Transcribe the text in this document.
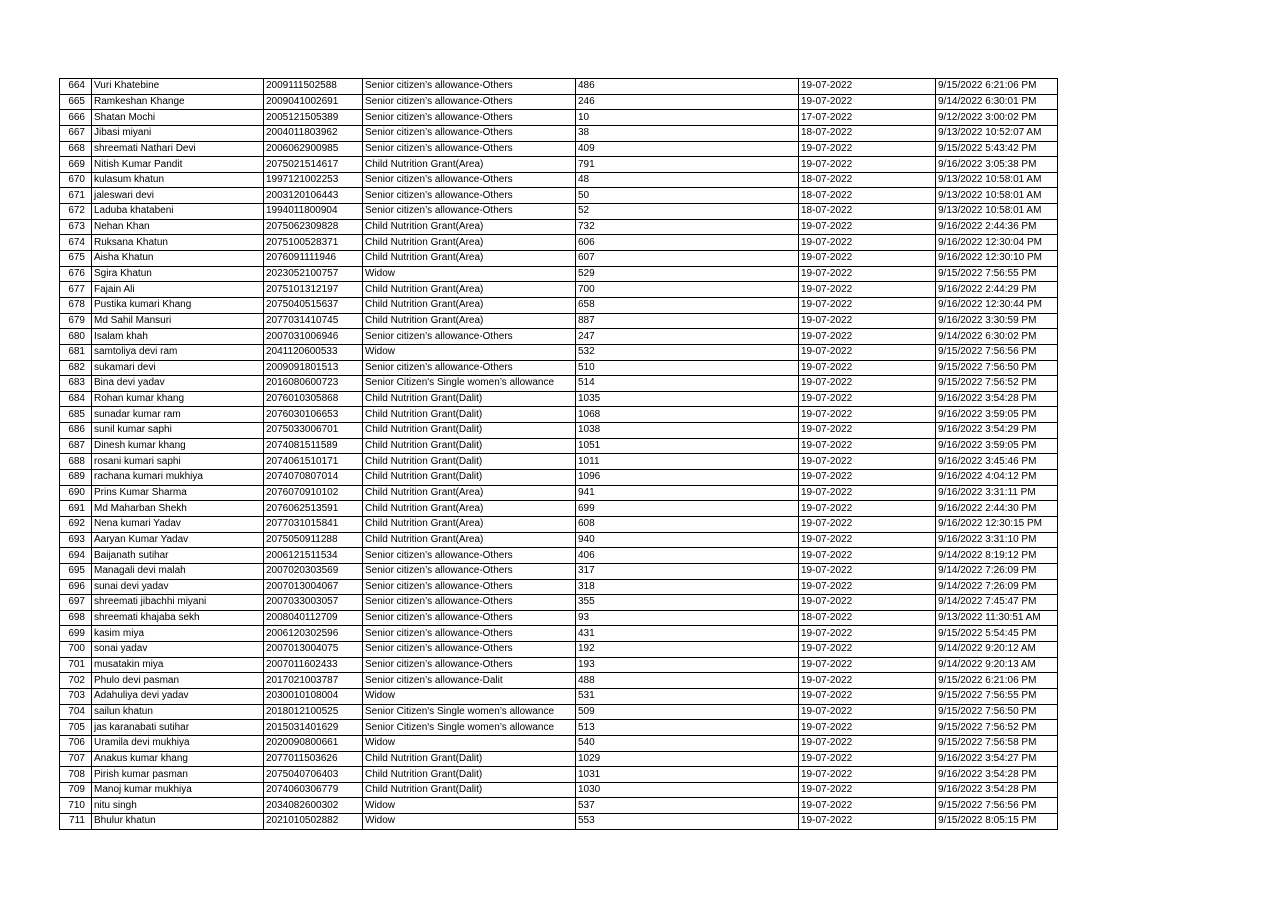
664	Vuri Khatebine	2009111502588	Senior citizen’s allowance-Others	486	19-07-2022	9/15/2022 6:21:06 PM
665	Ramkeshan Khange	2009041002691	Senior citizen’s allowance-Others	246	19-07-2022	9/14/2022 6:30:01 PM
666	Shatan Mochi	2005121505389	Senior citizen’s allowance-Others	10	17-07-2022	9/12/2022 3:00:02 PM
667	Jibasi miyani	2004011803962	Senior citizen’s allowance-Others	38	18-07-2022	9/13/2022 10:52:07 AM
668	shreemati Nathari Devi	2006062900985	Senior citizen’s allowance-Others	409	19-07-2022	9/15/2022 5:43:42 PM
669	Nitish Kumar Pandit	2075021514617	Child Nutrition Grant(Area)	791	19-07-2022	9/16/2022 3:05:38 PM
670	kulasum khatun	1997121002253	Senior citizen’s allowance-Others	48	18-07-2022	9/13/2022 10:58:01 AM
671	jaleswari devi	2003120106443	Senior citizen’s allowance-Others	50	18-07-2022	9/13/2022 10:58:01 AM
672	Laduba khatabeni	1994011800904	Senior citizen’s allowance-Others	52	18-07-2022	9/13/2022 10:58:01 AM
673	Nehan Khan	2075062309828	Child Nutrition Grant(Area)	732	19-07-2022	9/16/2022 2:44:36 PM
674	Ruksana Khatun	2075100528371	Child Nutrition Grant(Area)	606	19-07-2022	9/16/2022 12:30:04 PM
675	Aisha Khatun	2076091111946	Child Nutrition Grant(Area)	607	19-07-2022	9/16/2022 12:30:10 PM
676	Sgira Khatun	2023052100757	Widow	529	19-07-2022	9/15/2022 7:56:55 PM
677	Fajain Ali	2075101312197	Child Nutrition Grant(Area)	700	19-07-2022	9/16/2022 2:44:29 PM
678	Pustika kumari Khang	2075040515637	Child Nutrition Grant(Area)	658	19-07-2022	9/16/2022 12:30:44 PM
679	Md Sahil Mansuri	2077031410745	Child Nutrition Grant(Area)	887	19-07-2022	9/16/2022 3:30:59 PM
680	Isalam khah	2007031006946	Senior citizen’s allowance-Others	247	19-07-2022	9/14/2022 6:30:02 PM
681	samtoliya devi ram	2041120600533	Widow	532	19-07-2022	9/15/2022 7:56:56 PM
682	sukamari devi	2009091801513	Senior citizen’s allowance-Others	510	19-07-2022	9/15/2022 7:56:50 PM
683	Bina devi yadav	2016080600723	Senior Citizen's Single women’s allowance	514	19-07-2022	9/15/2022 7:56:52 PM
684	Rohan kumar khang	2076010305868	Child Nutrition Grant(Dalit)	1035	19-07-2022	9/16/2022 3:54:28 PM
685	sunadar kumar ram	2076030106653	Child Nutrition Grant(Dalit)	1068	19-07-2022	9/16/2022 3:59:05 PM
686	sunil kumar saphi	2075033006701	Child Nutrition Grant(Dalit)	1038	19-07-2022	9/16/2022 3:54:29 PM
687	Dinesh kumar khang	2074081511589	Child Nutrition Grant(Dalit)	1051	19-07-2022	9/16/2022 3:59:05 PM
688	rosani kumari saphi	2074061510171	Child Nutrition Grant(Dalit)	1011	19-07-2022	9/16/2022 3:45:46 PM
689	rachana kumari mukhiya	2074070807014	Child Nutrition Grant(Dalit)	1096	19-07-2022	9/16/2022 4:04:12 PM
690	Prins Kumar Sharma	2076070910102	Child Nutrition Grant(Area)	941	19-07-2022	9/16/2022 3:31:11 PM
691	Md Maharban Shekh	2076062513591	Child Nutrition Grant(Area)	699	19-07-2022	9/16/2022 2:44:30 PM
692	Nena kumari Yadav	2077031015841	Child Nutrition Grant(Area)	608	19-07-2022	9/16/2022 12:30:15 PM
693	Aaryan Kumar Yadav	2075050911288	Child Nutrition Grant(Area)	940	19-07-2022	9/16/2022 3:31:10 PM
694	Baijanath sutihar	2006121511534	Senior citizen’s allowance-Others	406	19-07-2022	9/14/2022 8:19:12 PM
695	Managali devi malah	2007020303569	Senior citizen’s allowance-Others	317	19-07-2022	9/14/2022 7:26:09 PM
696	sunai devi yadav	2007013004067	Senior citizen’s allowance-Others	318	19-07-2022	9/14/2022 7:26:09 PM
697	shreemati jibachhi miyani	2007033003057	Senior citizen’s allowance-Others	355	19-07-2022	9/14/2022 7:45:47 PM
698	shreemati khajaba sekh	2008040112709	Senior citizen’s allowance-Others	93	18-07-2022	9/13/2022 11:30:51 AM
699	kasim miya	2006120302596	Senior citizen’s allowance-Others	431	19-07-2022	9/15/2022 5:54:45 PM
700	sonai yadav	2007013004075	Senior citizen’s allowance-Others	192	19-07-2022	9/14/2022 9:20:12 AM
701	musatakin miya	2007011602433	Senior citizen’s allowance-Others	193	19-07-2022	9/14/2022 9:20:13 AM
702	Phulo devi pasman	2017021003787	Senior citizen’s allowance-Dalit	488	19-07-2022	9/15/2022 6:21:06 PM
703	Adahuliya devi yadav	2030010108004	Widow	531	19-07-2022	9/15/2022 7:56:55 PM
704	sailun khatun	2018012100525	Senior Citizen's Single women’s allowance	509	19-07-2022	9/15/2022 7:56:50 PM
705	jas karanabati sutihar	2015031401629	Senior Citizen's Single women’s allowance	513	19-07-2022	9/15/2022 7:56:52 PM
706	Uramila devi mukhiya	2020090800661	Widow	540	19-07-2022	9/15/2022 7:56:58 PM
707	Anakus kumar khang	2077011503626	Child Nutrition Grant(Dalit)	1029	19-07-2022	9/16/2022 3:54:27 PM
708	Pirish kumar pasman	2075040706403	Child Nutrition Grant(Dalit)	1031	19-07-2022	9/16/2022 3:54:28 PM
709	Manoj kumar mukhiya	2074060306779	Child Nutrition Grant(Dalit)	1030	19-07-2022	9/16/2022 3:54:28 PM
710	nitu singh	2034082600302	Widow	537	19-07-2022	9/15/2022 7:56:56 PM
711	Bhulur khatun	2021010502882	Widow	553	19-07-2022	9/15/2022 8:05:15 PM
